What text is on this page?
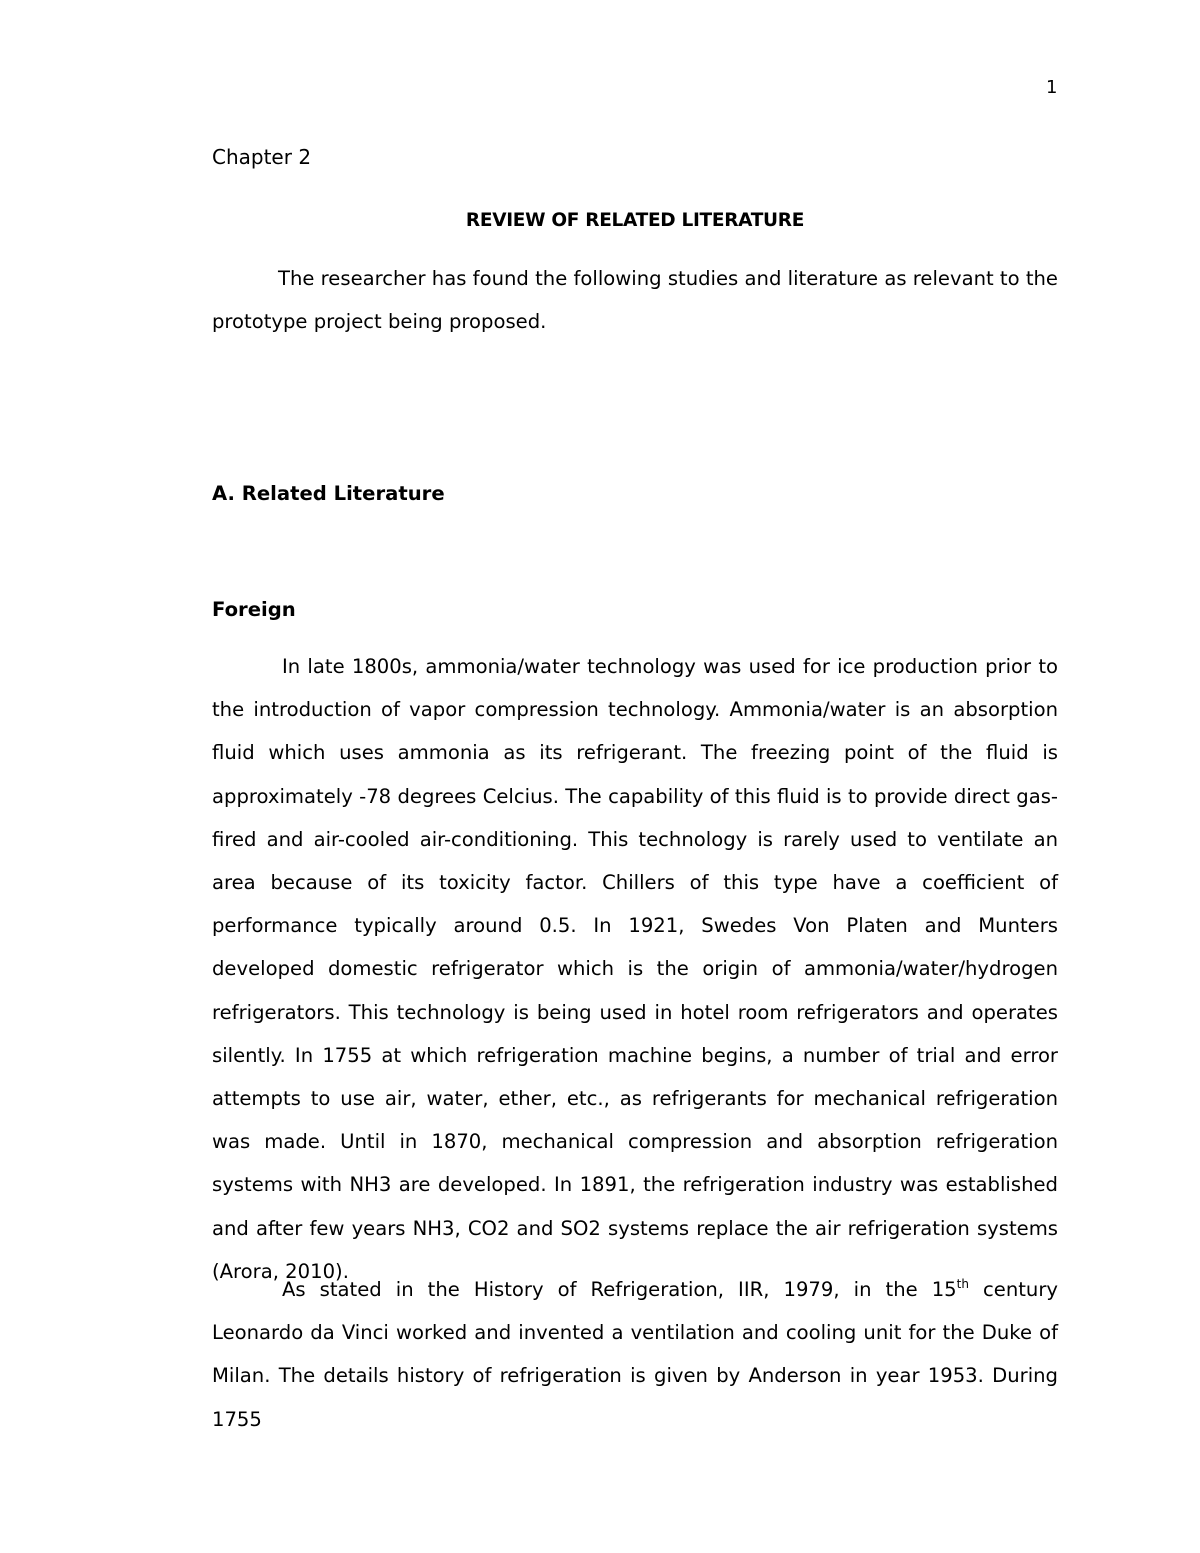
1
Chapter 2
REVIEW OF RELATED LITERATURE

The researcher has found the following studies and literature as relevant to the prototype project being proposed.

A. Related Literature
Foreign

In late 1800s, ammonia/water technology was used for ice production prior to the introduction of vapor compression technology. Ammonia/water is an absorption fluid which uses ammonia as its refrigerant. The freezing point of the fluid is approximately -78 degrees Celcius. The capability of this fluid is to provide direct gas-fired and air-cooled air-conditioning. This technology is rarely used to ventilate an area because of its toxicity factor. Chillers of this type have a coefficient of performance typically around 0.5. In 1921, Swedes Von Platen and Munters developed domestic refrigerator which is the origin of ammonia/water/hydrogen refrigerators. This technology is being used in hotel room refrigerators and operates silently. In 1755 at which refrigeration machine begins, a number of trial and error attempts to use air, water, ether, etc., as refrigerants for mechanical refrigeration was made. Until in 1870, mechanical compression and absorption refrigeration systems with NH3 are developed. In 1891, the refrigeration industry was established and after few years NH3, CO2 and SO2 systems replace the air refrigeration systems (Arora, 2010).

As stated in the History of Refrigeration, IIR, 1979, in the 15th century Leonardo da Vinci worked and invented a ventilation and cooling unit for the Duke of Milan. The details history of refrigeration is given by Anderson in year 1953. During 1755
